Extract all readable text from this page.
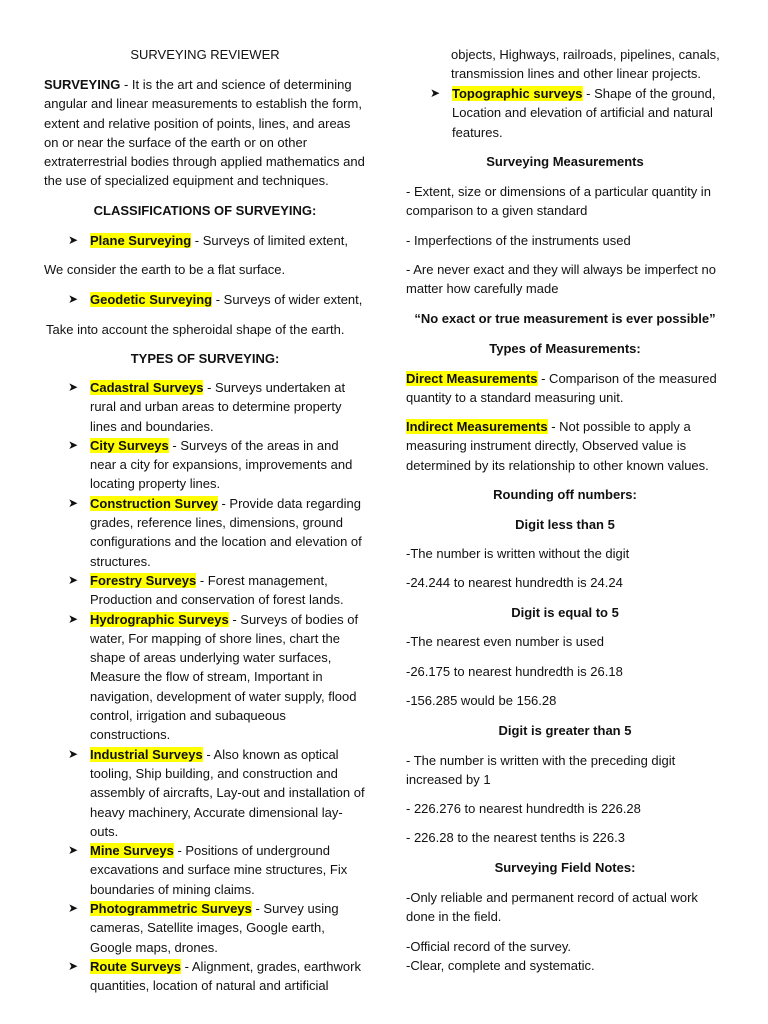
SURVEYING REVIEWER

SURVEYING - It is the art and science of determining angular and linear measurements to establish the form, extent and relative position of points, lines, and areas on or near the surface of the earth or on other extraterrestrial bodies through applied mathematics and the use of specialized equipment and techniques.

CLASSIFICATIONS OF SURVEYING:

➤ Plane Surveying - Surveys of limited extent,

We consider the earth to be a flat surface.

➤ Geodetic Surveying - Surveys of wider extent,

Take into account the spheroidal shape of the earth.

TYPES OF SURVEYING:

➤ Cadastral Surveys - Surveys undertaken at rural and urban areas to determine property lines and boundaries.
➤ City Surveys - Surveys of the areas in and near a city for expansions, improvements and locating property lines.
➤ Construction Survey - Provide data regarding grades, reference lines, dimensions, ground configurations and the location and elevation of structures.
➤ Forestry Surveys - Forest management, Production and conservation of forest lands.
➤ Hydrographic Surveys - Surveys of bodies of water, For mapping of shore lines, chart the shape of areas underlying water surfaces, Measure the flow of stream, Important in navigation, development of water supply, flood control, irrigation and subaqueous constructions.
➤ Industrial Surveys - Also known as optical tooling, Ship building, and construction and assembly of aircrafts, Lay-out and installation of heavy machinery, Accurate dimensional lay-outs.
➤ Mine Surveys - Positions of underground excavations and surface mine structures, Fix boundaries of mining claims.
➤ Photogrammetric Surveys - Survey using cameras, Satellite images, Google earth, Google maps, drones.
➤ Route Surveys - Alignment, grades, earthwork quantities, location of natural and artificial

objects, Highways, railroads, pipelines, canals, transmission lines and other linear projects.

➤ Topographic surveys - Shape of the ground, Location and elevation of artificial and natural features.

Surveying Measurements

- Extent, size or dimensions of a particular quantity in comparison to a given standard

- Imperfections of the instruments used

- Are never exact and they will always be imperfect no matter how carefully made

“No exact or true measurement is ever possible”

Types of Measurements:

Direct Measurements - Comparison of the measured quantity to a standard measuring unit.

Indirect Measurements - Not possible to apply a measuring instrument directly, Observed value is determined by its relationship to other known values.

Rounding off numbers:

Digit less than 5

-The number is written without the digit

-24.244 to nearest hundredth is 24.24

Digit is equal to 5

-The nearest even number is used

-26.175 to nearest hundredth is 26.18

-156.285 would be 156.28

Digit is greater than 5

- The number is written with the preceding digit increased by 1

- 226.276 to nearest hundredth is 226.28

- 226.28 to the nearest tenths is 226.3

Surveying Field Notes:

-Only reliable and permanent record of actual work done in the field.

-Official record of the survey.

-Clear, complete and systematic.
